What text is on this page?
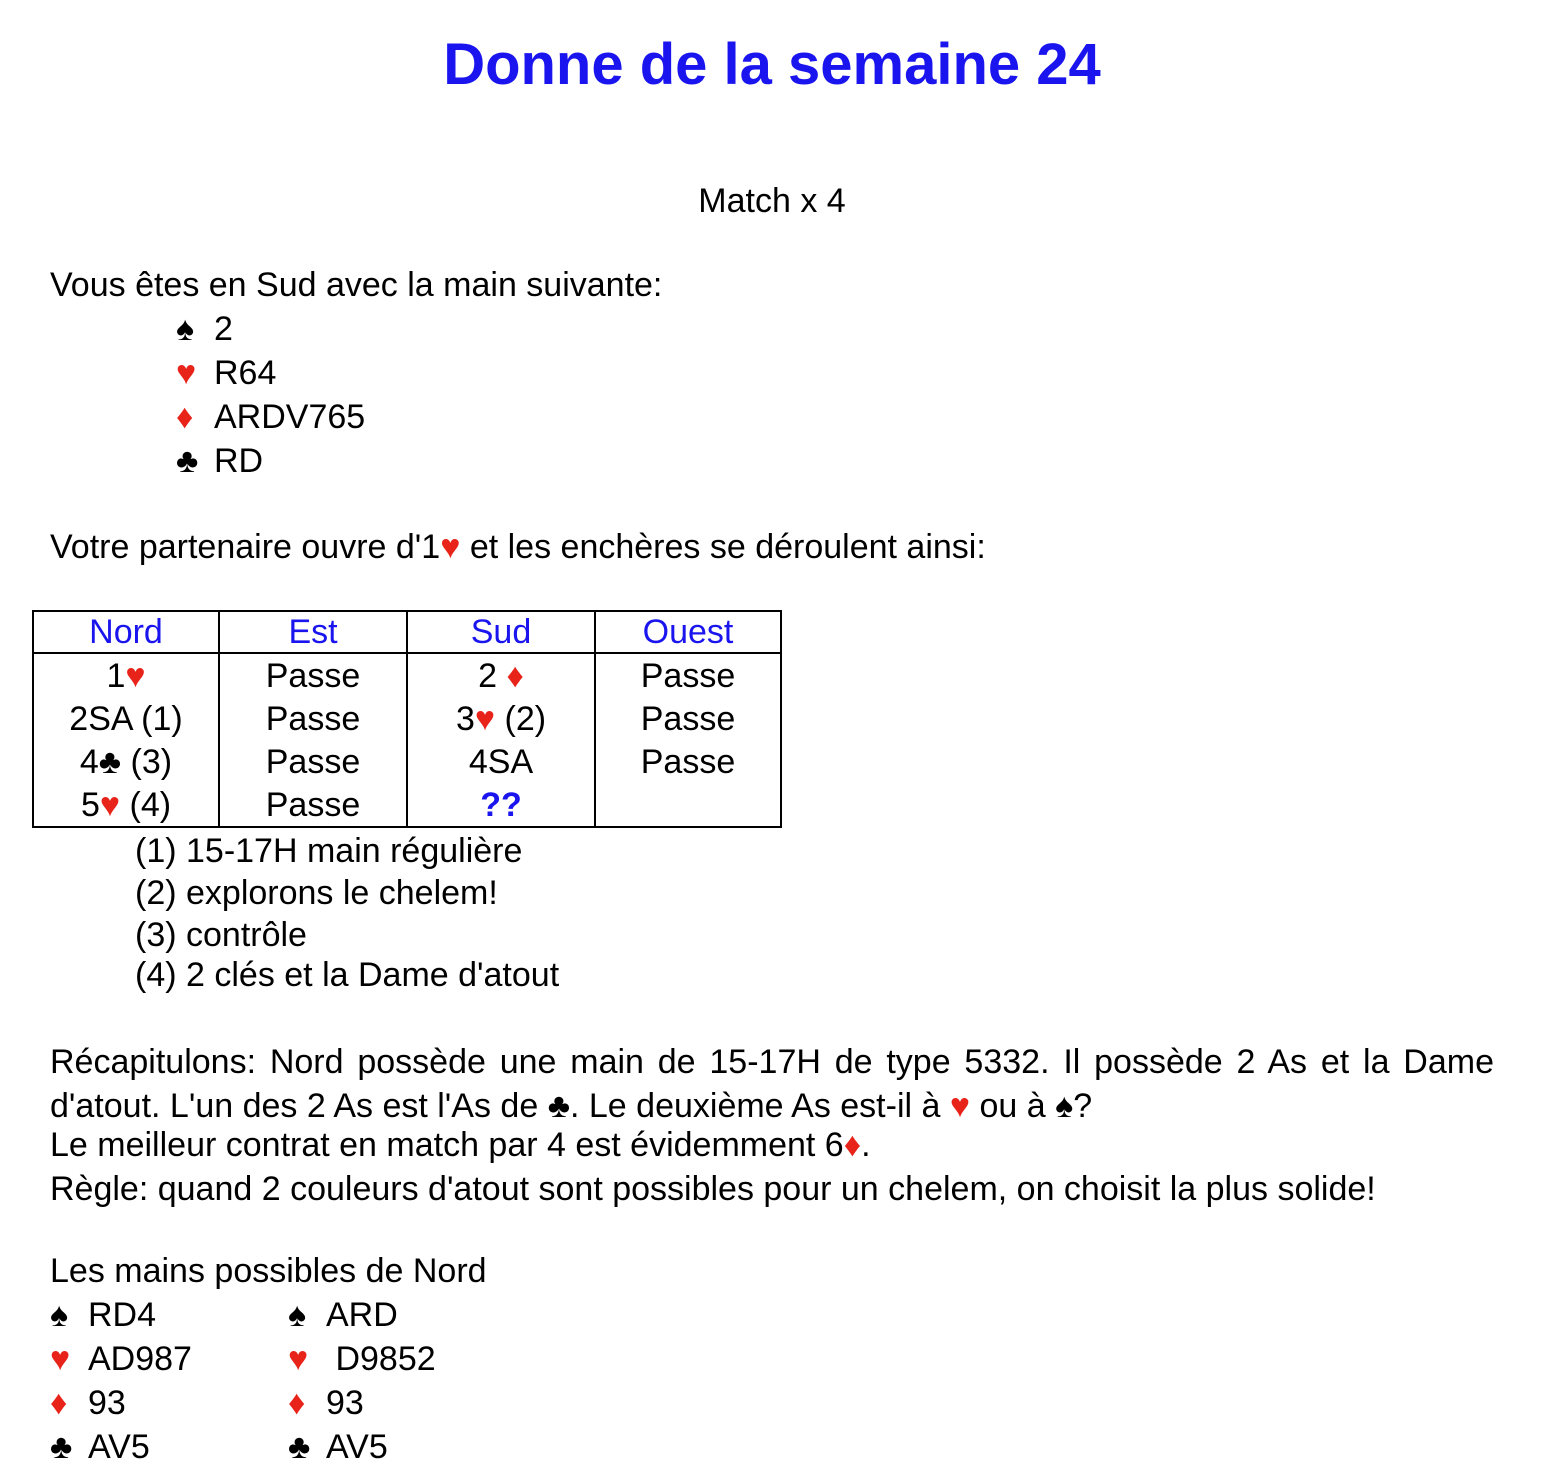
Donne de la semaine 24
Match x 4
Vous êtes en Sud avec la main suivante:
♠ 2
♥ R64
♦ ARDV765
♣ RD
Votre partenaire ouvre d'1♥ et les enchères se déroulent ainsi:
Nord	Est	Sud	Ouest
1♥	Passe	2 ♦	Passe
2SA (1)	Passe	3♥ (2)	Passe
4♣ (3)	Passe	4SA	Passe
5♥ (4)	Passe	??	
(1) 15-17H main régulière
(2) explorons le chelem!
(3) contrôle
(4) 2 clés et la Dame d'atout
Récapitulons: Nord possède une main de 15-17H de type 5332. Il possède 2 As et la Dame d'atout. L'un des 2 As est l'As de ♣. Le deuxième As est-il à ♥ ou à ♠?
Le meilleur contrat en match par 4 est évidemment 6♦.
Règle: quand 2 couleurs d'atout sont possibles pour un chelem, on choisit la plus solide!
Les mains possibles de Nord
♠ RD4
♥ AD987
♦ 93
♣ AV5
♠ ARD
♥ D9852
♦ 93
♣ AV5
